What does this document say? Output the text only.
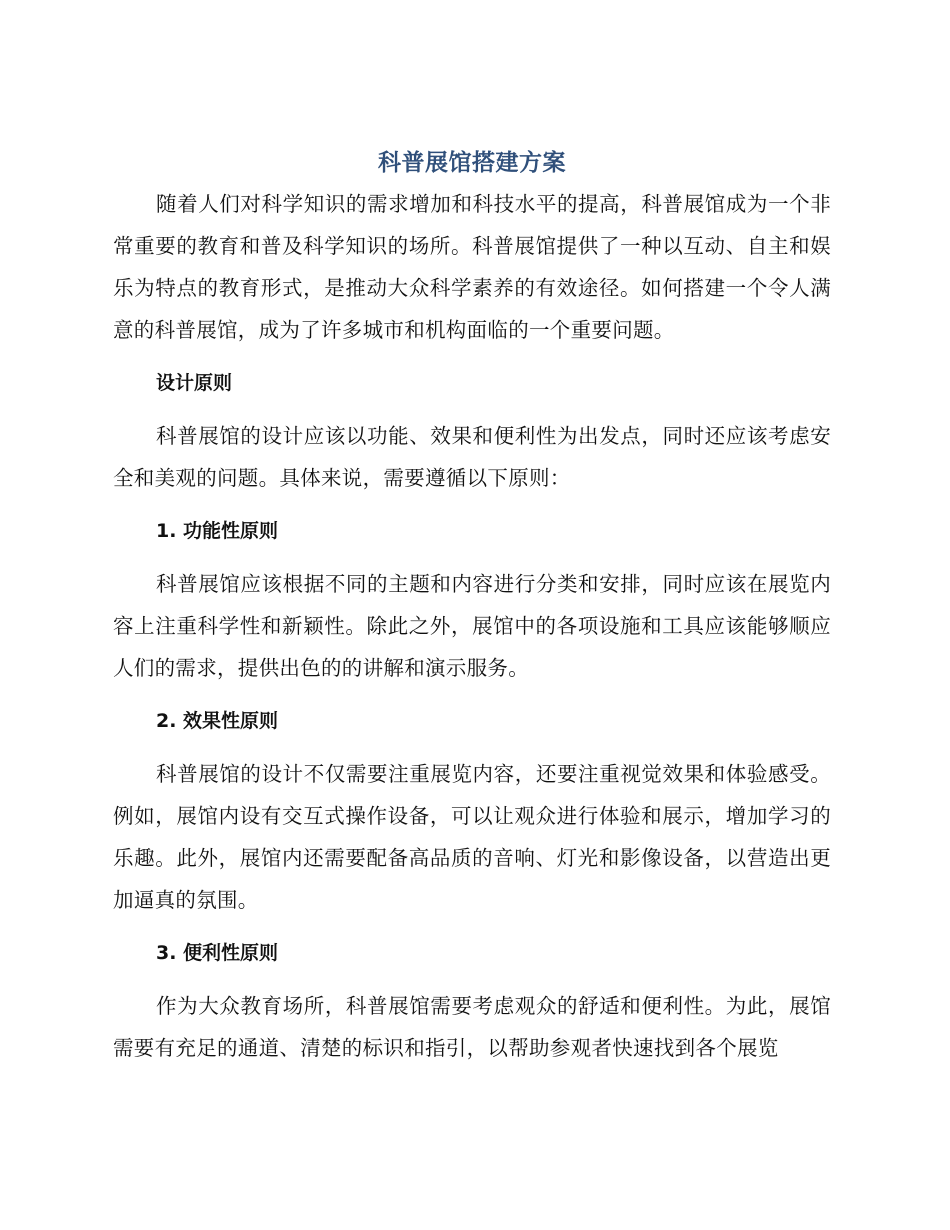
科普展馆搭建方案

随着人们对科学知识的需求增加和科技水平的提高，科普展馆成为一个非常重要的教育和普及科学知识的场所。科普展馆提供了一种以互动、自主和娱乐为特点的教育形式，是推动大众科学素养的有效途径。如何搭建一个令人满意的科普展馆，成为了许多城市和机构面临的一个重要问题。

设计原则

科普展馆的设计应该以功能、效果和便利性为出发点，同时还应该考虑安全和美观的问题。具体来说，需要遵循以下原则：

1. 功能性原则

科普展馆应该根据不同的主题和内容进行分类和安排，同时应该在展览内容上注重科学性和新颖性。除此之外，展馆中的各项设施和工具应该能够顺应人们的需求，提供出色的的讲解和演示服务。

2. 效果性原则

科普展馆的设计不仅需要注重展览内容，还要注重视觉效果和体验感受。例如，展馆内设有交互式操作设备，可以让观众进行体验和展示，增加学习的乐趣。此外，展馆内还需要配备高品质的音响、灯光和影像设备，以营造出更加逼真的氛围。

3. 便利性原则

作为大众教育场所，科普展馆需要考虑观众的舒适和便利性。为此，展馆需要有充足的通道、清楚的标识和指引，以帮助参观者快速找到各个展览
